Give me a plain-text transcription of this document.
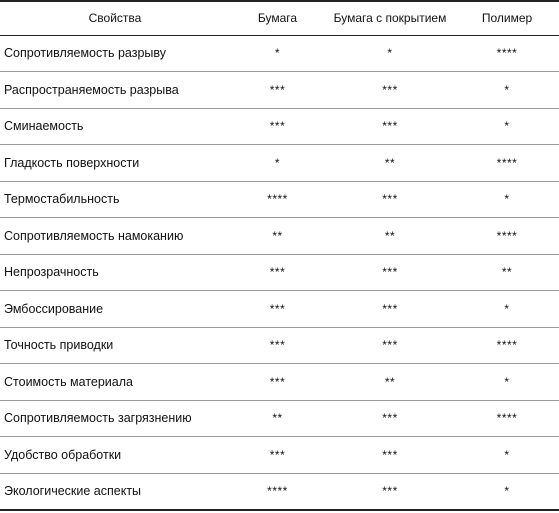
Свойства	Бумага	Бумага с покрытием	Полимер
Сопротивляемость разрыву	*	*	****
Распространяемость разрыва	***	***	*
Сминаемость	***	***	*
Гладкость поверхности	*	**	****
Термостабильность	****	***	*
Сопротивляемость намоканию	**	**	****
Непрозрачность	***	***	**
Эмбоссирование	***	***	*
Точность приводки	***	***	****
Стоимость материала	***	**	*
Сопротивляемость загрязнению	**	***	****
Удобство обработки	***	***	*
Экологические аспекты	****	***	*
